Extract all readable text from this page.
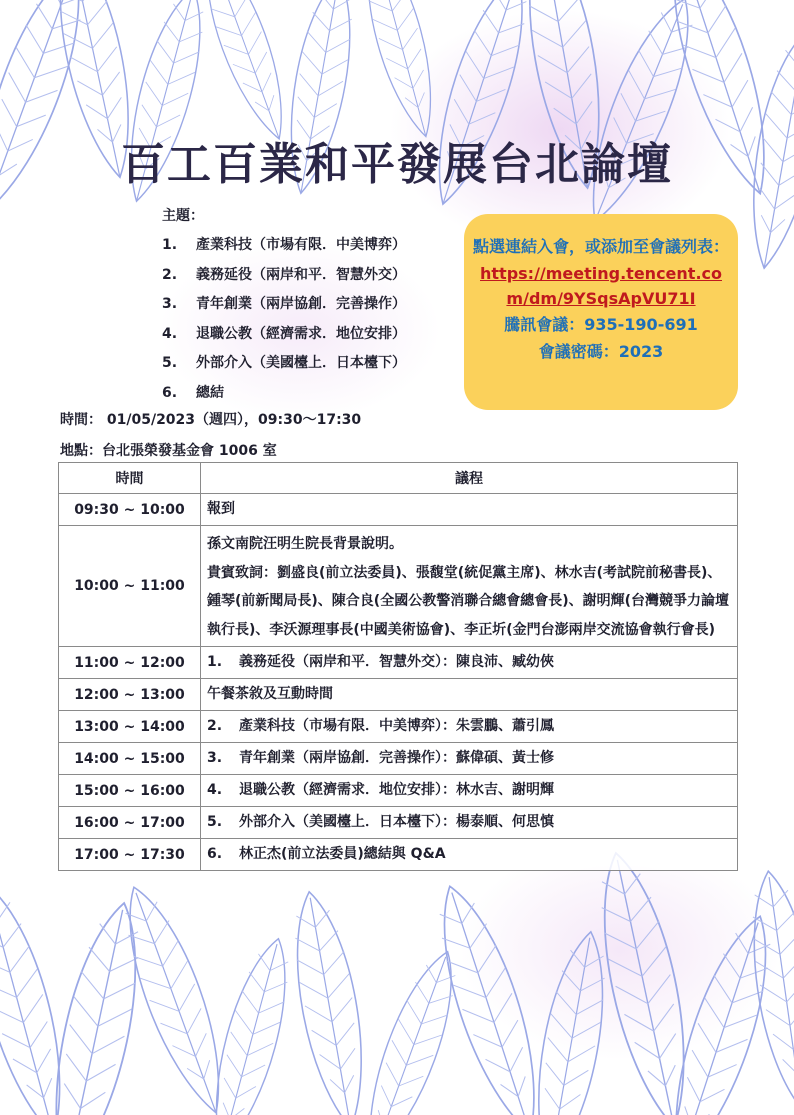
百工百業和平發展台北論壇
主題：
1. 產業科技（市場有限．中美博弈）
2. 義務延役（兩岸和平．智慧外交）
3. 青年創業（兩岸協創．完善操作）
4. 退職公教（經濟需求．地位安排）
5. 外部介入（美國檯上．日本檯下）
6. 總結
時間： 01/05/2023（週四），09:30～17:30
地點：台北張榮發基金會 1006 室
點選連結入會，或添加至會議列表：
https://meeting.tencent.com/dm/9YSqsApVU71I
騰訊會議：935-190-691
會議密碼：2023
時間	議程
09:30 ~ 10:00	報到
10:00 ~ 11:00	孫文南院汪明生院長背景說明。
貴賓致詞：劉盛良(前立法委員)、張馥堂(統促黨主席)、林水吉(考試院前秘書長)、鍾琴(前新聞局長)、陳合良(全國公教警消聯合總會總會長)、謝明輝(台灣競爭力論壇執行長)、李沃源理事長(中國美術協會)、李正圻(金門台澎兩岸交流協會執行會長)

11:00 ~ 12:00	1. 義務延役（兩岸和平．智慧外交）：陳良沛、臧幼俠
12:00 ~ 13:00	午餐茶敘及互動時間
13:00 ~ 14:00	2. 產業科技（市場有限．中美博弈）：朱雲鵬、蕭引鳳
14:00 ~ 15:00	3. 青年創業（兩岸協創．完善操作）：蘇偉碩、黃士修
15:00 ~ 16:00	4. 退職公教（經濟需求．地位安排）：林水吉、謝明輝
16:00 ~ 17:00	5. 外部介入（美國檯上．日本檯下）：楊泰順、何思慎
17:00 ~ 17:30	6. 林正杰(前立法委員)總結與 Q&A
